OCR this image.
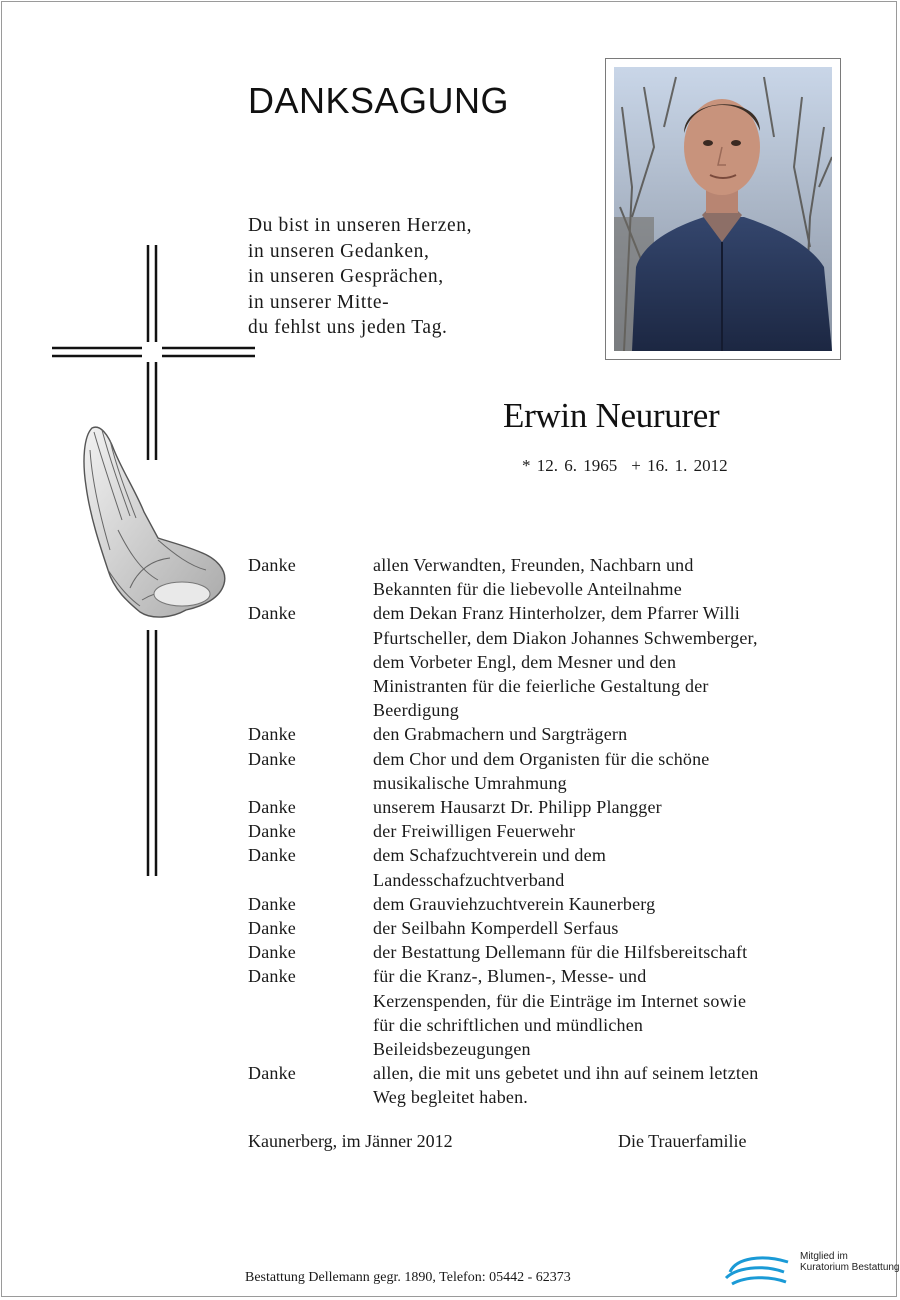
DANKSAGUNG
Du bist in unseren Herzen,
in unseren Gedanken,
in unseren Gesprächen,
in unserer Mitte-
du fehlst uns jeden Tag.
Erwin Neururer
* 12. 6. 1965 + 16. 1. 2012
Danke	allen Verwandten, Freunden, Nachbarn und
Bekannten für die liebevolle Anteilnahme
Danke	dem Dekan Franz Hinterholzer, dem Pfarrer Willi
Pfurtscheller, dem Diakon Johannes Schwemberger,
dem Vorbeter Engl, dem Mesner und den
Ministranten für die feierliche Gestaltung der
Beerdigung
Danke	den Grabmachern und Sargträgern
Danke	dem Chor und dem Organisten für die schöne
musikalische Umrahmung
Danke	unserem Hausarzt Dr. Philipp Plangger
Danke	der Freiwilligen Feuerwehr
Danke	dem Schafzuchtverein und dem
Landesschafzuchtverband
Danke	dem Grauviehzuchtverein Kaunerberg
Danke	der Seilbahn Komperdell Serfaus
Danke	der Bestattung Dellemann für die Hilfsbereitschaft
Danke	für die Kranz-, Blumen-, Messe- und
Kerzenspenden, für die Einträge im Internet sowie
für die schriftlichen und mündlichen
Beileidsbezeugungen
Danke	allen, die mit uns gebetet und ihn auf seinem letzten
Weg begleitet haben.
Kaunerberg, im Jänner 2012	Die Trauerfamilie
Bestattung Dellemann gegr. 1890, Telefon: 05442 - 62373
Mitglied im
Kuratorium Bestattung
